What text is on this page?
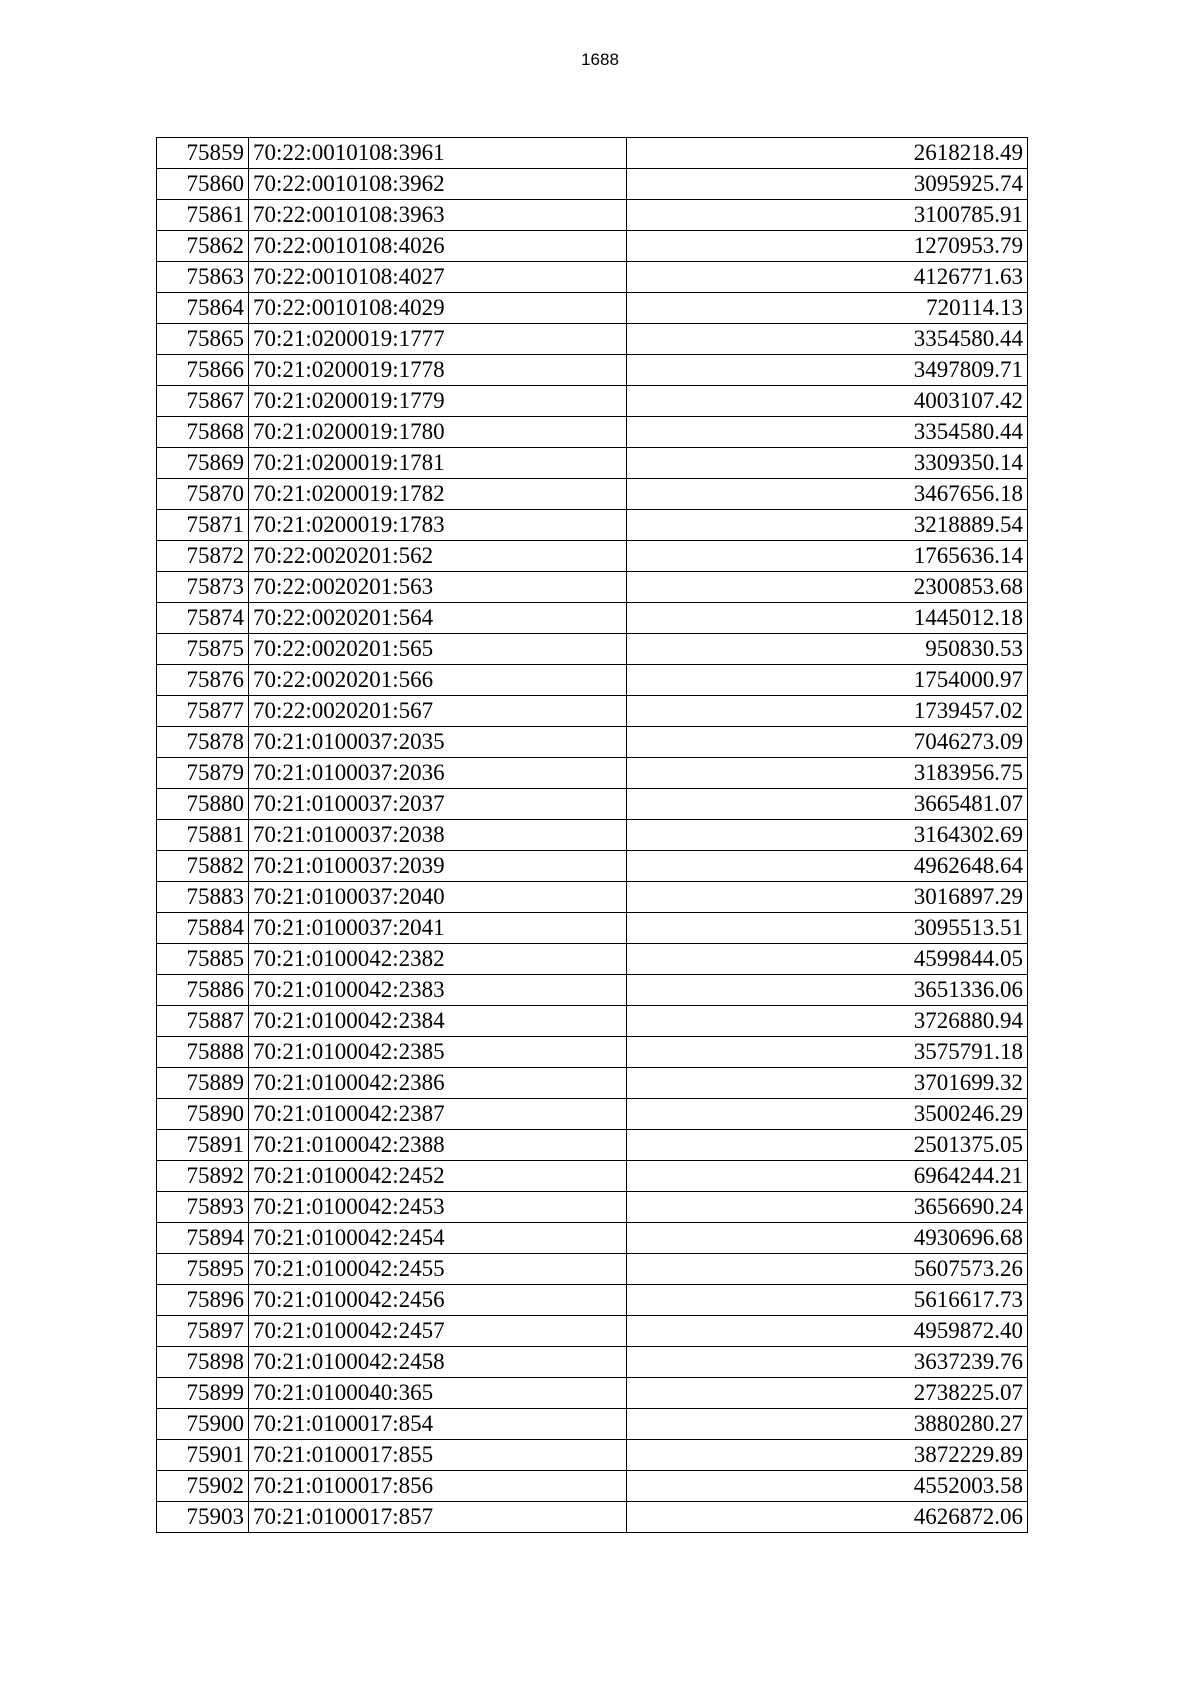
1688
75859	70:22:0010108:3961	2618218.49
75860	70:22:0010108:3962	3095925.74
75861	70:22:0010108:3963	3100785.91
75862	70:22:0010108:4026	1270953.79
75863	70:22:0010108:4027	4126771.63
75864	70:22:0010108:4029	720114.13
75865	70:21:0200019:1777	3354580.44
75866	70:21:0200019:1778	3497809.71
75867	70:21:0200019:1779	4003107.42
75868	70:21:0200019:1780	3354580.44
75869	70:21:0200019:1781	3309350.14
75870	70:21:0200019:1782	3467656.18
75871	70:21:0200019:1783	3218889.54
75872	70:22:0020201:562	1765636.14
75873	70:22:0020201:563	2300853.68
75874	70:22:0020201:564	1445012.18
75875	70:22:0020201:565	950830.53
75876	70:22:0020201:566	1754000.97
75877	70:22:0020201:567	1739457.02
75878	70:21:0100037:2035	7046273.09
75879	70:21:0100037:2036	3183956.75
75880	70:21:0100037:2037	3665481.07
75881	70:21:0100037:2038	3164302.69
75882	70:21:0100037:2039	4962648.64
75883	70:21:0100037:2040	3016897.29
75884	70:21:0100037:2041	3095513.51
75885	70:21:0100042:2382	4599844.05
75886	70:21:0100042:2383	3651336.06
75887	70:21:0100042:2384	3726880.94
75888	70:21:0100042:2385	3575791.18
75889	70:21:0100042:2386	3701699.32
75890	70:21:0100042:2387	3500246.29
75891	70:21:0100042:2388	2501375.05
75892	70:21:0100042:2452	6964244.21
75893	70:21:0100042:2453	3656690.24
75894	70:21:0100042:2454	4930696.68
75895	70:21:0100042:2455	5607573.26
75896	70:21:0100042:2456	5616617.73
75897	70:21:0100042:2457	4959872.40
75898	70:21:0100042:2458	3637239.76
75899	70:21:0100040:365	2738225.07
75900	70:21:0100017:854	3880280.27
75901	70:21:0100017:855	3872229.89
75902	70:21:0100017:856	4552003.58
75903	70:21:0100017:857	4626872.06
